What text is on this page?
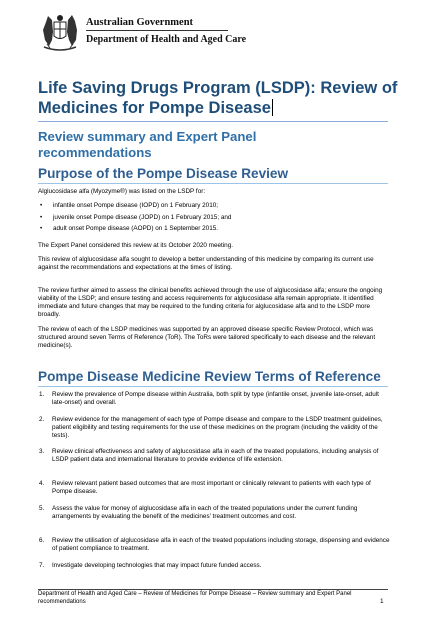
Australian Government
Department of Health and Aged Care
Life Saving Drugs Program (LSDP): Review of Medicines for Pompe Disease
Review summary and Expert Panel recommendations
Purpose of the Pompe Disease Review

Alglucosidase alfa (Myozyme®) was listed on the LSDP for:

• infantile onset Pompe disease (IOPD) on 1 February 2010;
• juvenile onset Pompe disease (JOPD) on 1 February 2015; and
• adult onset Pompe disease (AOPD) on 1 September 2015.

The Expert Panel considered this review at its October 2020 meeting.

This review of alglucosidase alfa sought to develop a better understanding of this medicine by comparing its current use against the recommendations and expectations at the times of listing.

The review further aimed to assess the clinical benefits achieved through the use of alglucosidase alfa; ensure the ongoing viability of the LSDP; and ensure testing and access requirements for alglucosidase alfa remain appropriate. It identified immediate and future changes that may be required to the funding criteria for alglucosidase alfa and to the LSDP more broadly.

The review of each of the LSDP medicines was supported by an approved disease specific Review Protocol, which was structured around seven Terms of Reference (ToR). The ToRs were tailored specifically to each disease and the relevant medicine(s).

Pompe Disease Medicine Review Terms of Reference
1. Review the prevalence of Pompe disease within Australia, both split by type (infantile onset, juvenile late-onset, adult late-onset) and overall.
2. Review evidence for the management of each type of Pompe disease and compare to the LSDP treatment guidelines, patient eligibility and testing requirements for the use of these medicines on the program (including the validity of the tests).
3. Review clinical effectiveness and safety of alglucosidase alfa in each of the treated populations, including analysis of LSDP patient data and international literature to provide evidence of life extension.
4. Review relevant patient based outcomes that are most important or clinically relevant to patients with each type of Pompe disease.
5. Assess the value for money of alglucosidase alfa in each of the treated populations under the current funding arrangements by evaluating the benefit of the medicines’ treatment outcomes and cost.
6. Review the utilisation of alglucosidase alfa in each of the treated populations including storage, dispensing and evidence of patient compliance to treatment.
7. Investigate developing technologies that may impact future funded access.
Department of Health and Aged Care – Review of Medicines for Pompe Disease – Review summary and Expert Panel recommendations	1
